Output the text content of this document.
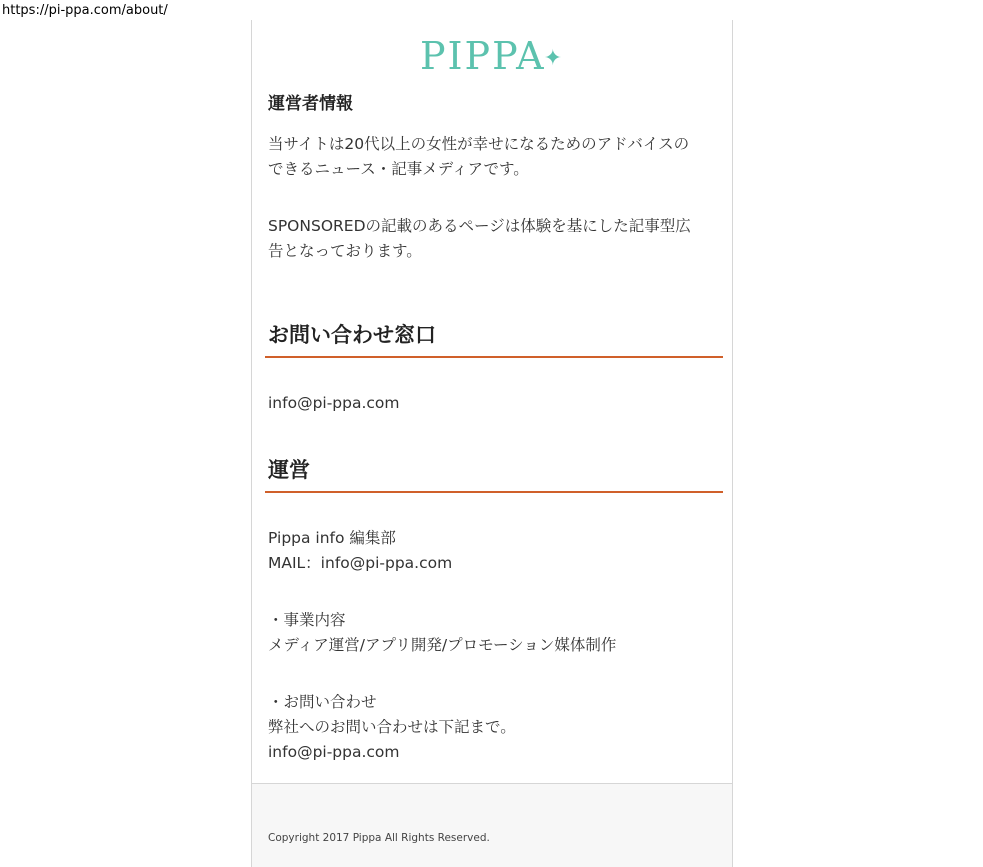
https://pi-ppa.com/about/
PIPPA✦
運営者情報

当サイトは20代以上の女性が幸せになるためのアドバイスの

できるニュース・記事メディアです。

SPONSOREDの記載のあるページは体験を基にした記事型広

告となっております。

お問い合わせ窓口
info@pi-ppa.com
運営

Pippa info 編集部

MAIL：info@pi-ppa.com

・事業内容

メディア運営/アプリ開発/プロモーション媒体制作

・お問い合わせ

弊社へのお問い合わせは下記まで。

info@pi-ppa.com

Copyright 2017 Pippa All Rights Reserved.
